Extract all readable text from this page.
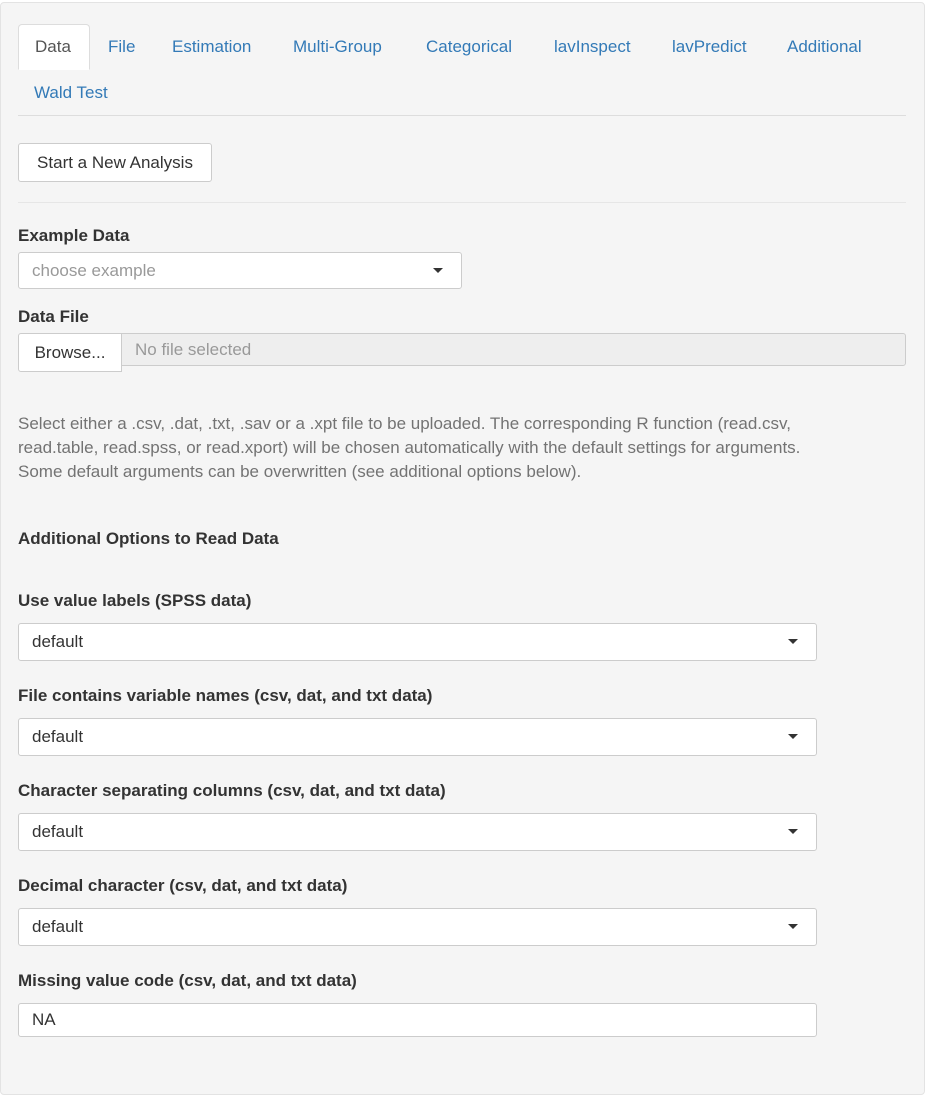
Data	File	Estimation	Multi-Group	Categorical	lavInspect	lavPredict	Additional
Wald Test
Start a New Analysis
Example Data
choose example
Data File
Browse...	No file selected
Select either a .csv, .dat, .txt, .sav or a .xpt file to be uploaded. The corresponding R function (read.csv,
read.table, read.spss, or read.xport) will be chosen automatically with the default settings for arguments.
Some default arguments can be overwritten (see additional options below).
Additional Options to Read Data
Use value labels (SPSS data)
default
File contains variable names (csv, dat, and txt data)
default
Character separating columns (csv, dat, and txt data)
default
Decimal character (csv, dat, and txt data)
default
Missing value code (csv, dat, and txt data)
NA
